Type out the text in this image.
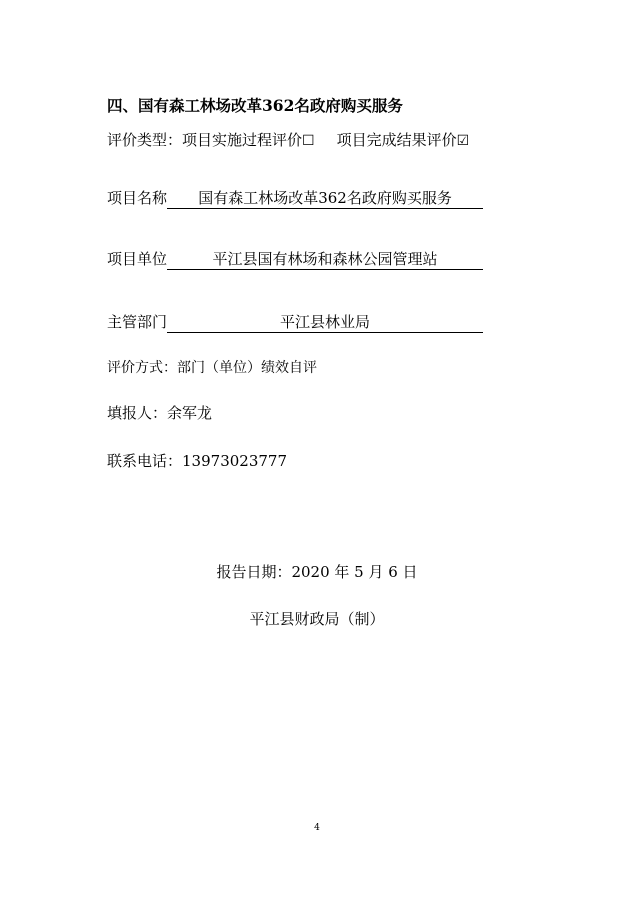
四、国有森工林场改革362名政府购买服务
评价类型：项目实施过程评价☐ 项目完成结果评价☑
项目名称 国有森工林场改革362名政府购买服务
项目单位	平江县国有林场和森林公园管理站
主管部门	平江县林业局
评价方式：部门（单位）绩效自评
填报人：余军龙
联系电话：13973023777
报告日期：2020 年 5 月 6 日
平江县财政局（制）
4
